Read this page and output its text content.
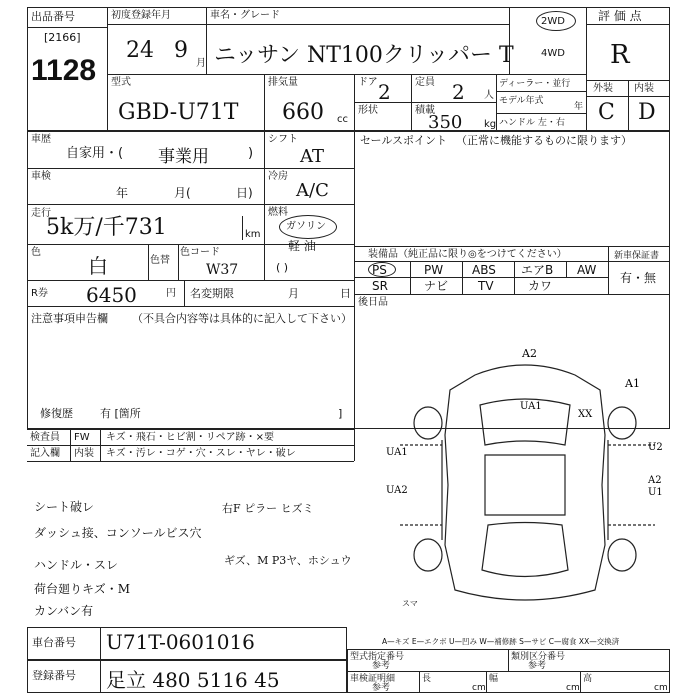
出品番号
[2166]
1128
初度登録年月
24 9
月
車名・グレード
ニッサン NT100クリッパー T
2WD
4WD
評 価 点
R
型式
GBD-U71T
排気量
660 cc
ドア 2 定員 2 人
形状	積載
350 kg
ディーラー・並行
モデル年式
年
ハンドル 左・右
外装 内装
C D
車歴
自家用・( 事業用	)
シフト
AT
車検
年	月(	日)
冷房
A/C
走行
5k万/千731	km
燃料
ガソリン
軽 油
( )
色
白	色替
色コード
W37
R券 6450	円 名変期限	月	日
セールスポイント （正常に機能するものに限ります）
装備品（純正品に限り◎をつけてください）
PS	PW ABS エアB AW
SR	ナビ TV	カワ
新車保証書
有・無
後日品
注意事項申告欄 （不具合内容等は具体的に記入して下さい）
修復歴 有 [箇所	]
検査員
記入欄
FW キズ・飛石・ヒビ割・リペア跡・×要
内装 キズ・汚レ・コゲ・穴・スレ・ヤレ・破レ
シート破レ
ダッシュ接、コンソールビス穴
ハンドル・スレ
荷台廻りキズ・M
カンバン有
右F ピラー ヒズミ
ギズ、M P3ヤ、ホシュウ
A2
A1
UA1
XX
UA1	U2
UA2
A2
U1
スマ
A—キズ E—エクボ U—凹み W—補修跡 S—サビ C—腐食 XX—交換済
車台番号 U71T-0601016
登録番号 足立 480 5116 45
型式指定番号
参考
類別区分番号
参考
車検証明細
参考
長
cm
幅
cm
高
cm
